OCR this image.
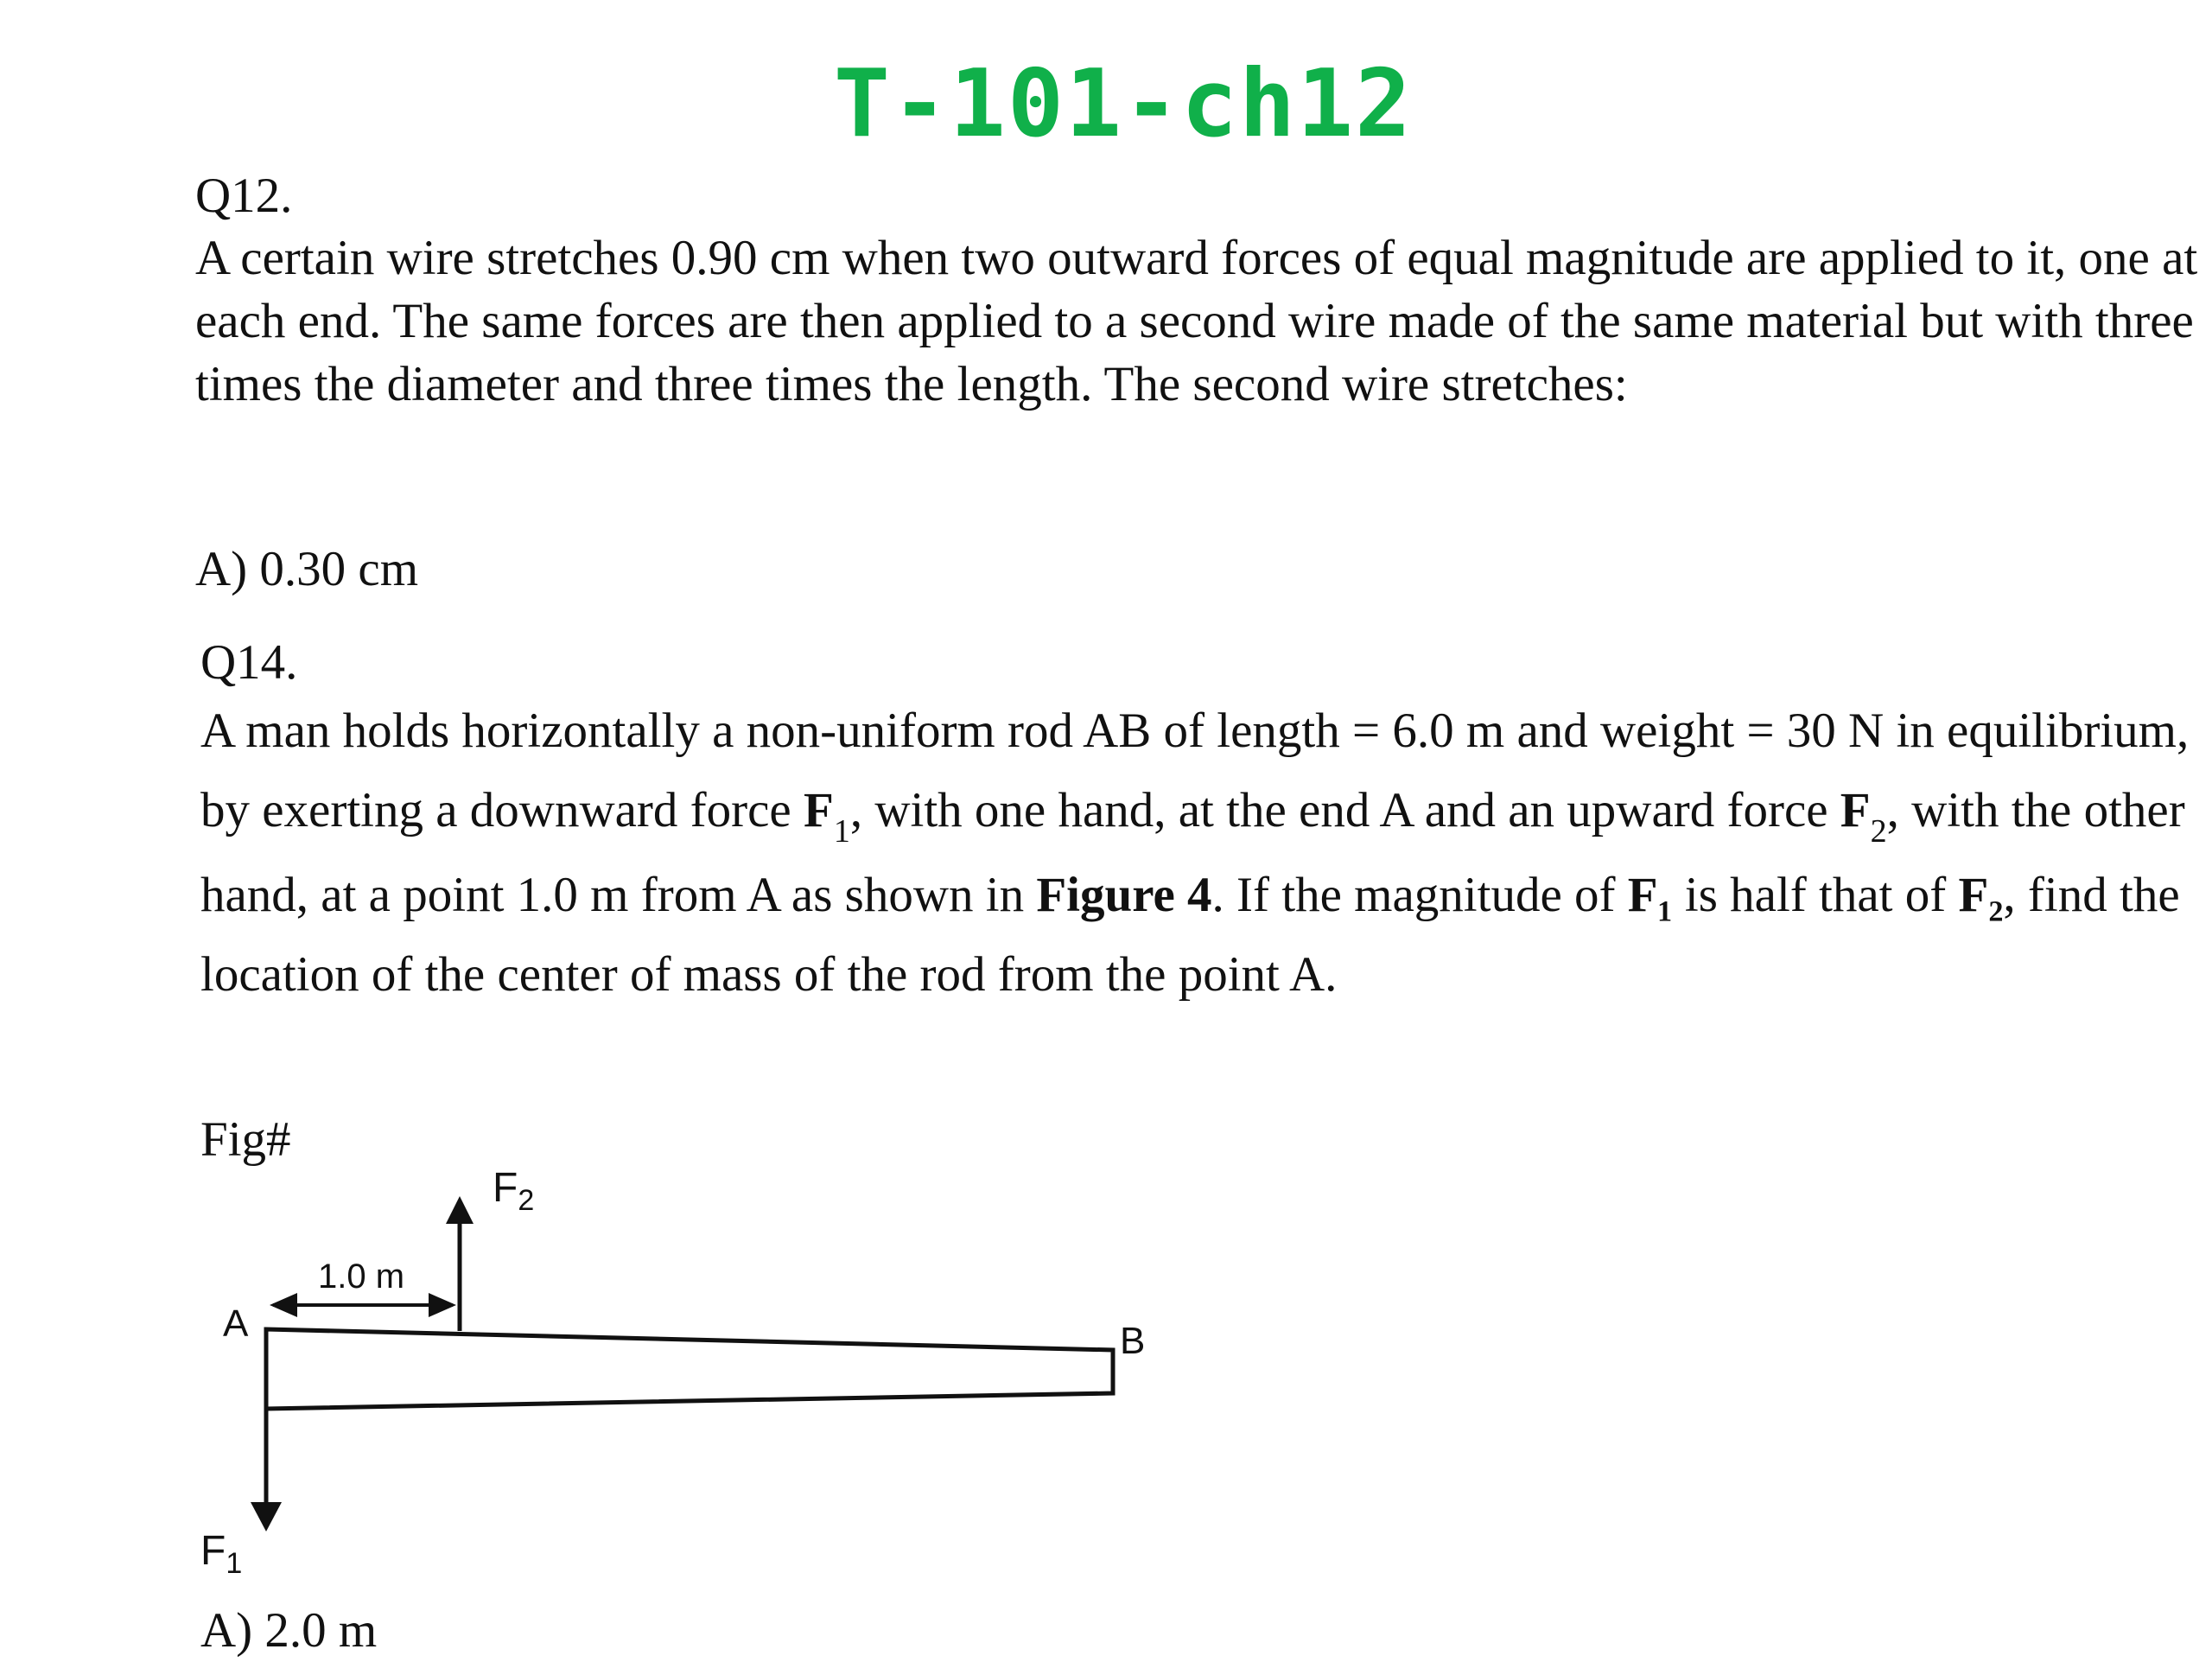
T-101-ch12
Q12.
A certain wire stretches 0.90 cm when two outward forces of equal magnitude are applied to it, one at each end. The same forces are then applied to a second wire made of the same material but with three times the diameter and three times the length. The second wire stretches:
A) 0.30 cm
Q14.
A man holds horizontally a non-uniform rod AB of length = 6.0 m and weight = 30 N in equilibrium, by exerting a downward force $F_1$, with one hand, at the end A and an upward force $F_2$, with the other hand, at a point 1.0 m from A as shown in Figure 4. If the magnitude of F₁ is half that of F₂, find the location of the center of mass of the rod from the point A.
Fig#
1.0 m
A	B
$F_2$
$F_1$
A) 2.0 m
